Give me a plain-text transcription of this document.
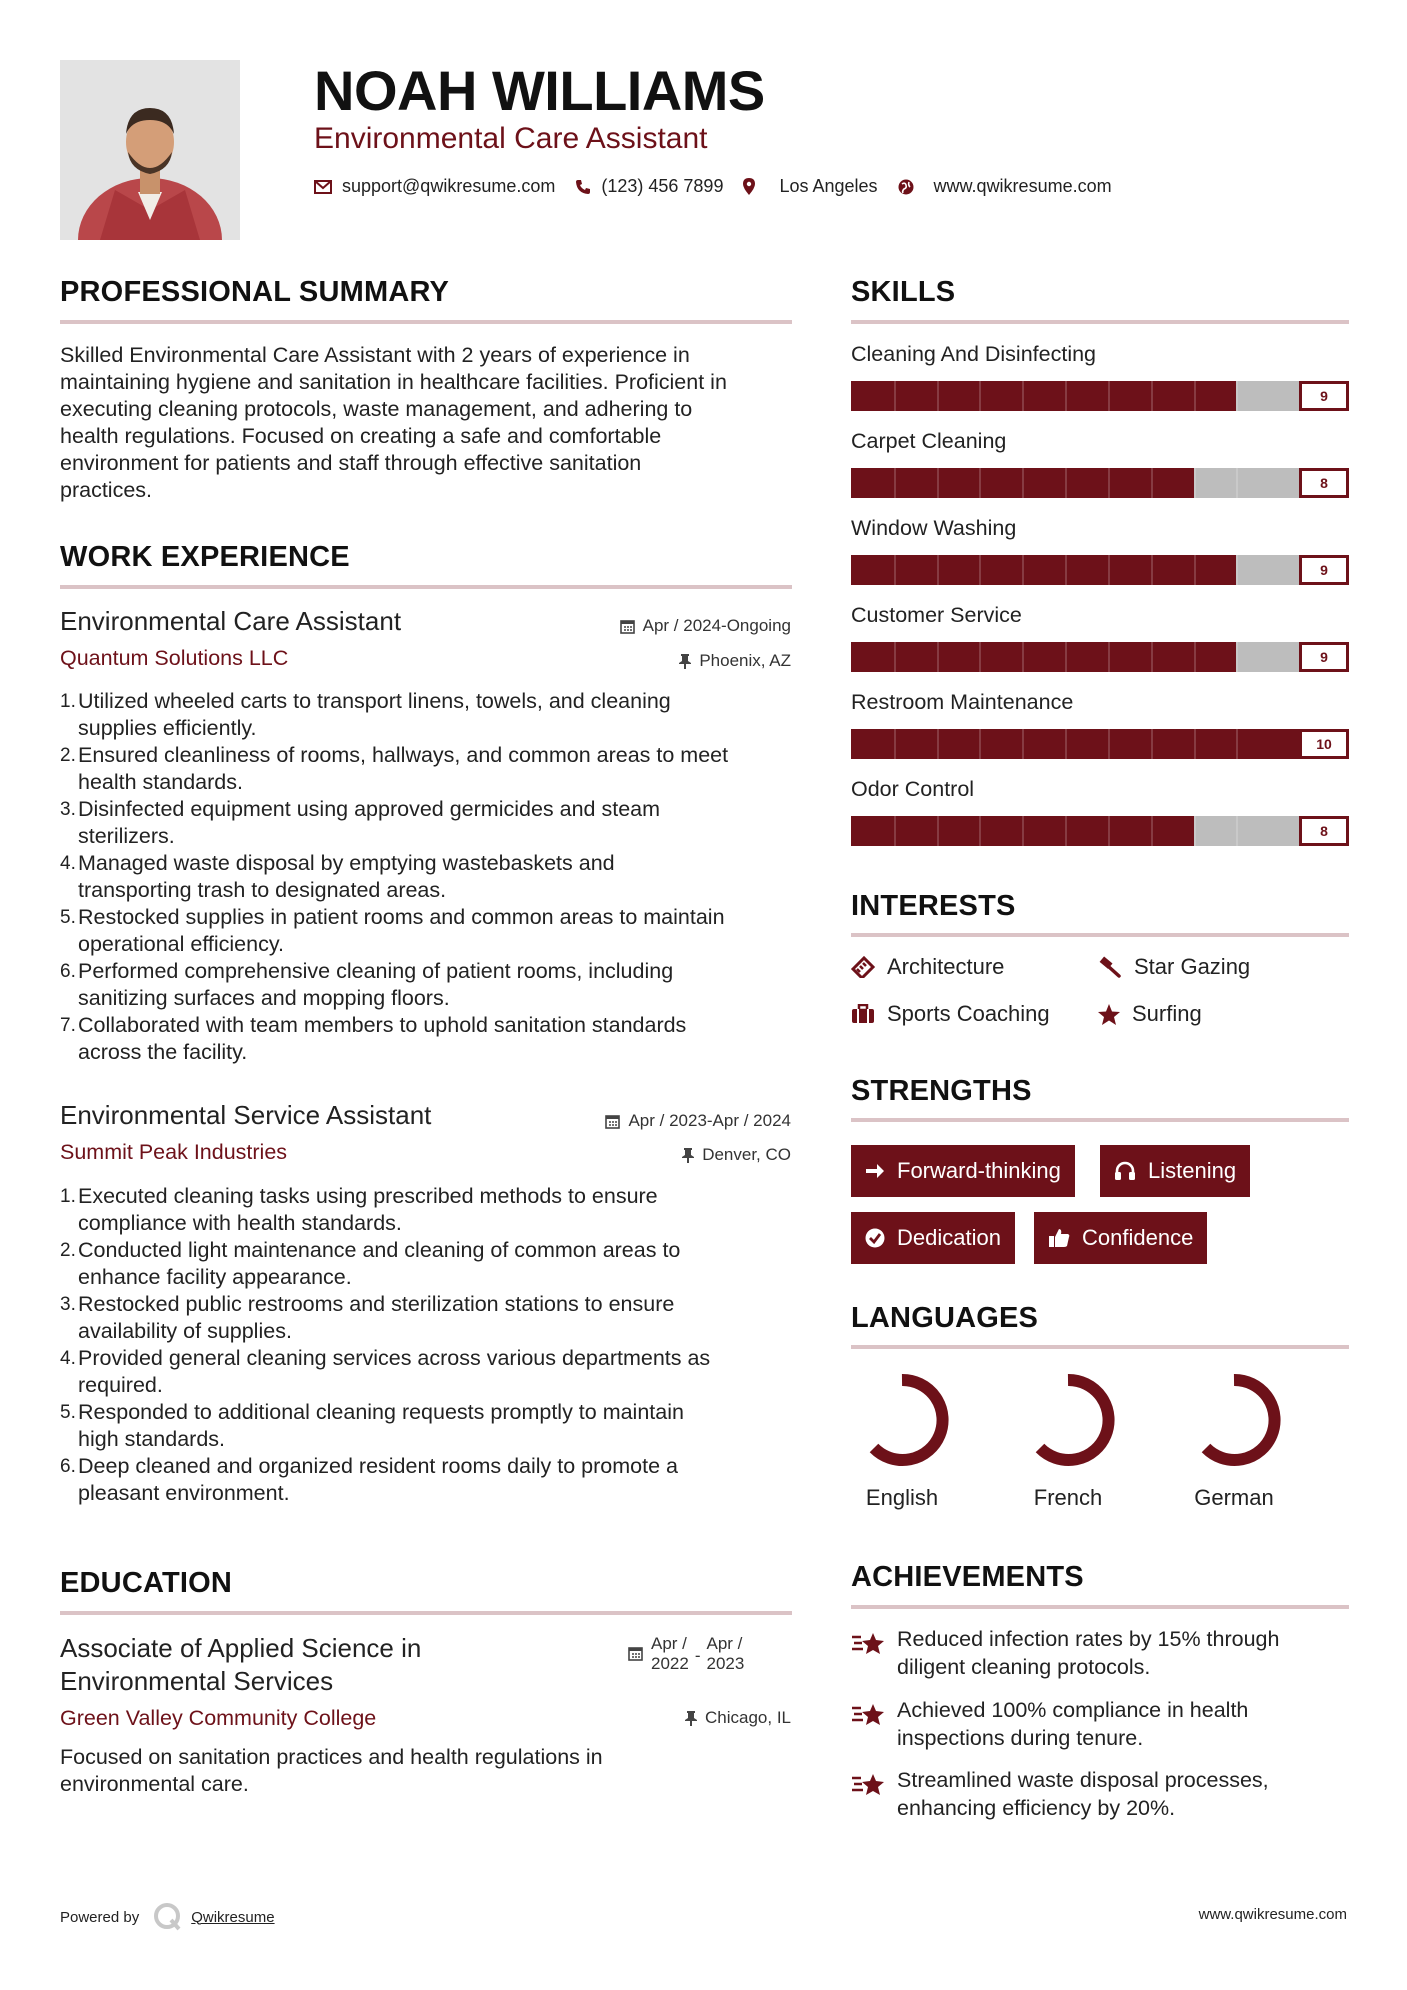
NOAH WILLIAMS
Environmental Care Assistant
support@qwikresume.com	(123) 456 7899	Los Angeles	www.qwikresume.com
PROFESSIONAL SUMMARY
Skilled Environmental Care Assistant with 2 years of experience in
maintaining hygiene and sanitation in healthcare facilities. Proficient in
executing cleaning protocols, waste management, and adhering to
health regulations. Focused on creating a safe and comfortable
environment for patients and staff through effective sanitation
practices.
WORK EXPERIENCE
Environmental Care Assistant	Apr / 2024-Ongoing
Quantum Solutions LLC	Phoenix, AZ
1. Utilized wheeled carts to transport linens, towels, and cleaning
supplies efficiently.
2. Ensured cleanliness of rooms, hallways, and common areas to meet
health standards.
3. Disinfected equipment using approved germicides and steam
sterilizers.
4. Managed waste disposal by emptying wastebaskets and
transporting trash to designated areas.
5. Restocked supplies in patient rooms and common areas to maintain
operational efficiency.
6. Performed comprehensive cleaning of patient rooms, including
sanitizing surfaces and mopping floors.
7. Collaborated with team members to uphold sanitation standards
across the facility.
Environmental Service Assistant	Apr / 2023-Apr / 2024
Summit Peak Industries	Denver, CO
1. Executed cleaning tasks using prescribed methods to ensure
compliance with health standards.
2. Conducted light maintenance and cleaning of common areas to
enhance facility appearance.
3. Restocked public restrooms and sterilization stations to ensure
availability of supplies.
4. Provided general cleaning services across various departments as
required.
5. Responded to additional cleaning requests promptly to maintain
high standards.
6. Deep cleaned and organized resident rooms daily to promote a
pleasant environment.
EDUCATION
Associate of Applied Science in
Environmental Services
Apr /
2022 -
Apr /
2023
Green Valley Community College	Chicago, IL
Focused on sanitation practices and health regulations in
environmental care.
SKILLS
Cleaning And Disinfecting
9
Carpet Cleaning
8
Window Washing
9
Customer Service
9
Restroom Maintenance
10
Odor Control
8
INTERESTS
Architecture	Star Gazing
Sports Coaching	Surfing
STRENGTHS
Forward-thinking	Listening
Dedication	Confidence
LANGUAGES
English	French	German
ACHIEVEMENTS
Reduced infection rates by 15% through
diligent cleaning protocols.
Achieved 100% compliance in health
inspections during tenure.
Streamlined waste disposal processes,
enhancing efficiency by 20%.
Powered by	Qwikresume	www.qwikresume.com
